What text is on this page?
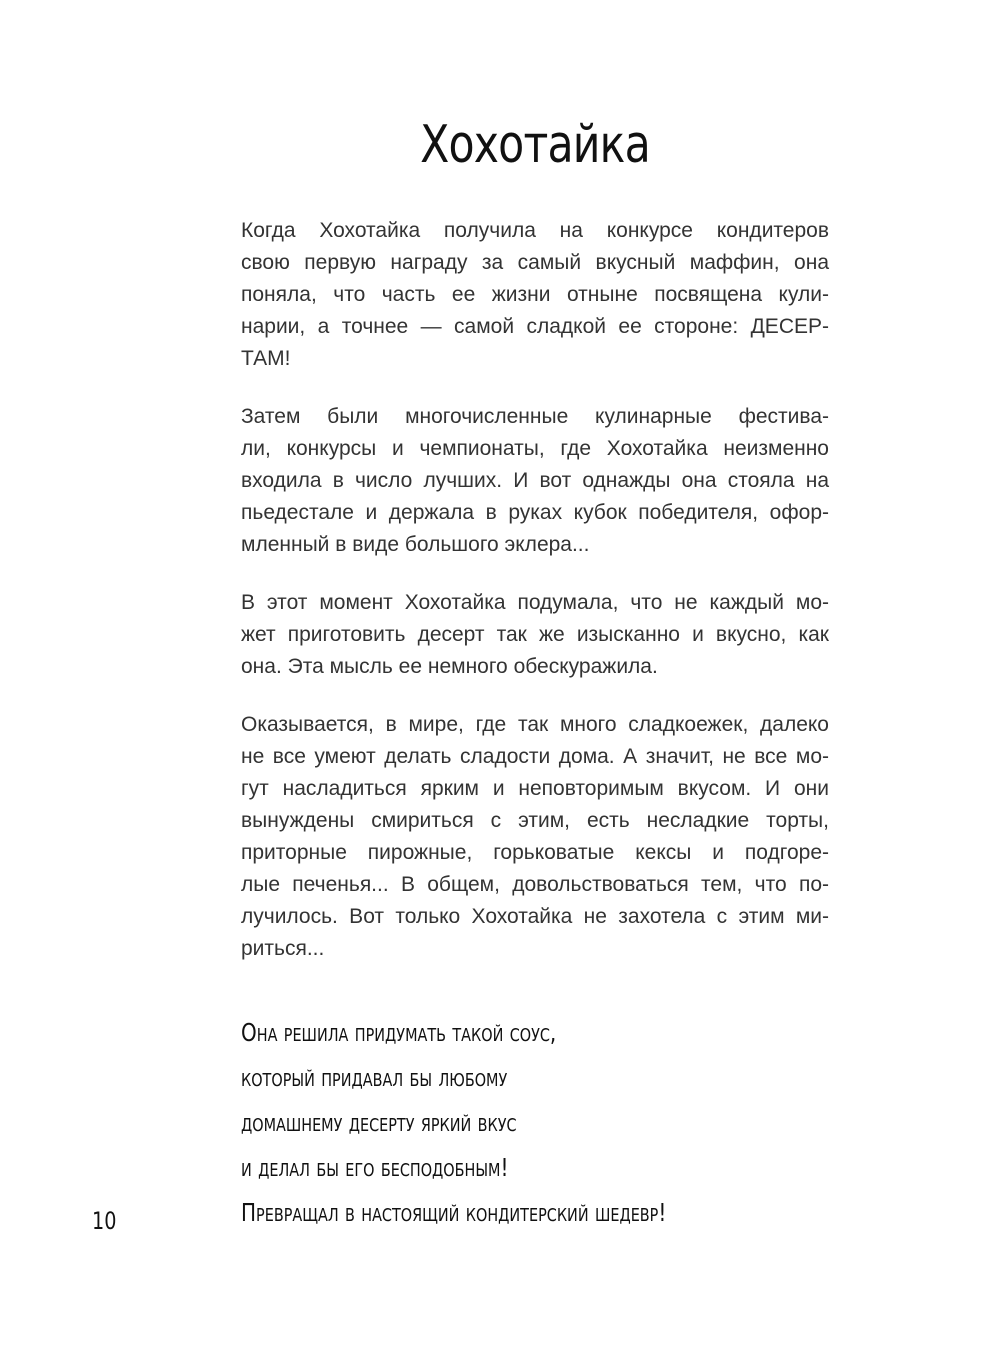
Хохотайка

Когда Хохотайка получила на конкурсе кондитеров
свою первую награду за самый вкусный маффин, она
поняла, что часть ее жизни отныне посвящена кули-
нарии, а точнее — самой сладкой ее стороне: ДЕСЕР-
ТАМ!

Затем были многочисленные кулинарные фестива-
ли, конкурсы и чемпионаты, где Хохотайка неизменно
входила в число лучших. И вот однажды она стояла на
пьедестале и держала в руках кубок победителя, офор-
мленный в виде большого эклера...

В этот момент Хохотайка подумала, что не каждый мо-
жет приготовить десерт так же изысканно и вкусно, как
она. Эта мысль ее немного обескуражила.

Оказывается, в мире, где так много сладкоежек, далеко
не все умеют делать сладости дома. А значит, не все мо-
гут насладиться ярким и неповторимым вкусом. И они
вынуждены смириться с этим, есть несладкие торты,
приторные пирожные, горьковатые кексы и подгоре-
лые печенья... В общем, довольствоваться тем, что по-
лучилось. Вот только Хохотайка не захотела с этим ми-
риться...

Она решила придумать такой соус,
который придавал бы любому
домашнему десерту яркий вкус
и делал бы его бесподобным!
Превращал в настоящий кондитерский шедевр!
10
